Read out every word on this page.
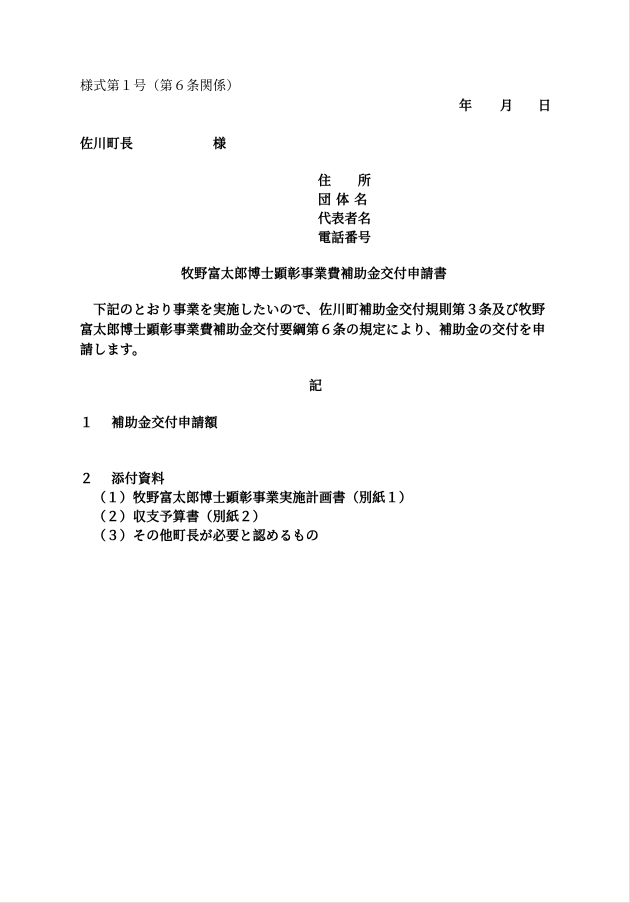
様式第１号（第６条関係）
年 月 日
佐川町長	様
住　　所
団 体 名
代表者名
電話番号
牧野富太郎博士顕彰事業費補助金交付申請書
　下記のとおり事業を実施したいので、佐川町補助金交付規則第３条及び牧野
富太郎博士顕彰事業費補助金交付要綱第６条の規定により、補助金の交付を申
請します。
記
１　 補助金交付申請額
２　 添付資料
（１）牧野富太郎博士顕彰事業実施計画書（別紙１）
（２）収支予算書（別紙２）
（３）その他町長が必要と認めるもの
